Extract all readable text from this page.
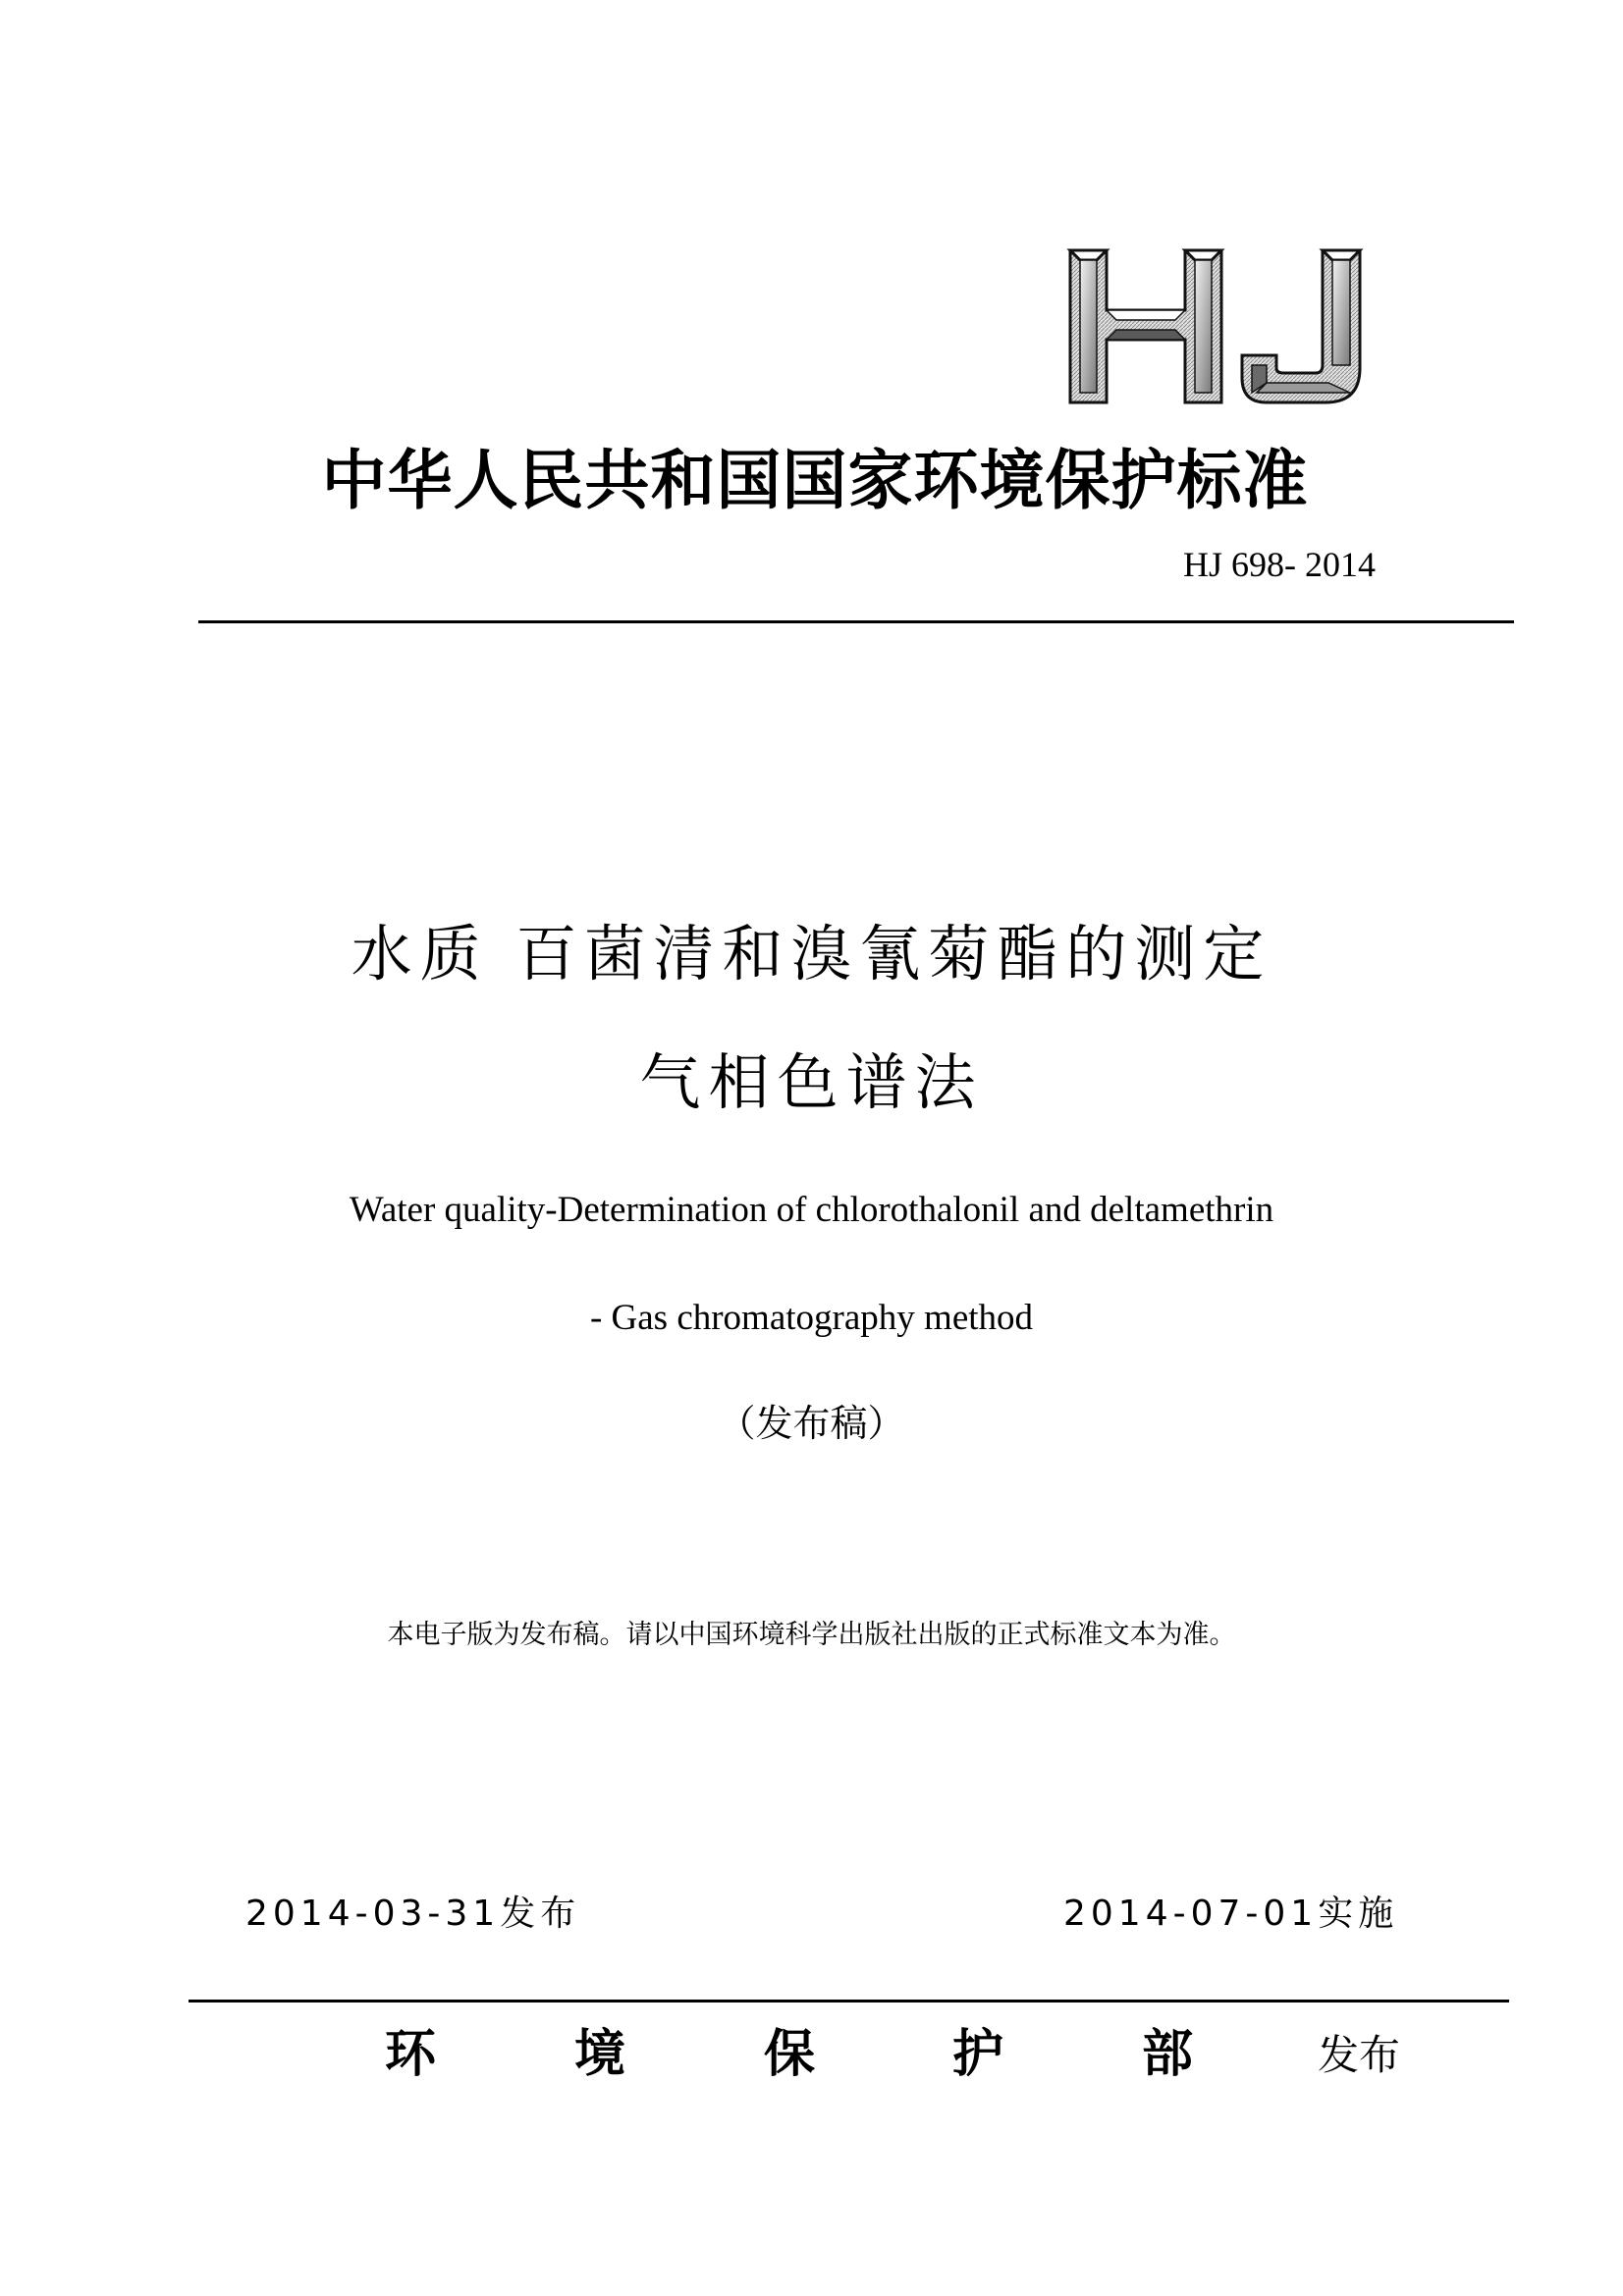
中华人民共和国国家环境保护标准
HJ 698- 2014
水质 百菌清和溴氰菊酯的测定
气相色谱法
Water quality-Determination of chlorothalonil and deltamethrin
- Gas chromatography method
（发布稿）
本电子版为发布稿。请以中国环境科学出版社出版的正式标准文本为准。
2014-03-31发布	2014-07-01实施
环	境	保	护	部	发布
